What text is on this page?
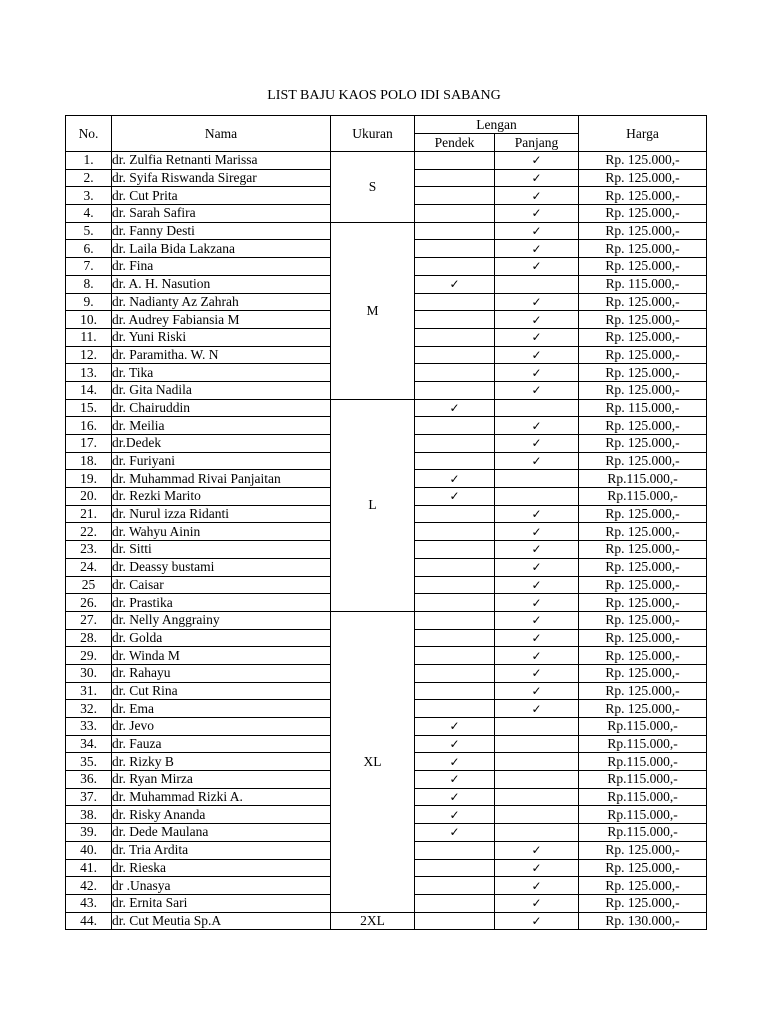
LIST BAJU KAOS POLO IDI SABANG
No.	Nama	Ukuran	Lengan		Harga
			Pendek	Panjang	
1.	dr. Zulfia Retnanti Marissa	S		✓	Rp. 125.000,-
2.	dr. Syifa Riswanda Siregar			✓	Rp. 125.000,-
3.	dr. Cut Prita			✓	Rp. 125.000,-
4.	dr. Sarah Safira			✓	Rp. 125.000,-
5.	dr. Fanny Desti	M		✓	Rp. 125.000,-
6.	dr. Laila Bida Lakzana			✓	Rp. 125.000,-
7.	dr. Fina			✓	Rp. 125.000,-
8.	dr. A. H. Nasution		✓		Rp. 115.000,-
9.	dr. Nadianty Az Zahrah			✓	Rp. 125.000,-
10.	dr. Audrey Fabiansia M			✓	Rp. 125.000,-
11.	dr. Yuni Riski			✓	Rp. 125.000,-
12.	dr. Paramitha. W. N			✓	Rp. 125.000,-
13.	dr. Tika			✓	Rp. 125.000,-
14.	dr. Gita Nadila			✓	Rp. 125.000,-
15.	dr. Chairuddin	L	✓		Rp. 115.000,-
16.	dr. Meilia			✓	Rp. 125.000,-
17.	dr.Dedek			✓	Rp. 125.000,-
18.	dr. Furiyani			✓	Rp. 125.000,-
19.	dr. Muhammad Rivai Panjaitan		✓		Rp.115.000,-
20.	dr. Rezki Marito		✓		Rp.115.000,-
21.	dr. Nurul izza Ridanti			✓	Rp. 125.000,-
22.	dr. Wahyu Ainin			✓	Rp. 125.000,-
23.	dr. Sitti			✓	Rp. 125.000,-
24.	dr. Deassy bustami			✓	Rp. 125.000,-
25	dr. Caisar			✓	Rp. 125.000,-
26.	dr. Prastika			✓	Rp. 125.000,-
27.	dr. Nelly Anggrainy	XL		✓	Rp. 125.000,-
28.	dr. Golda			✓	Rp. 125.000,-
29.	dr. Winda M			✓	Rp. 125.000,-
30.	dr. Rahayu			✓	Rp. 125.000,-
31.	dr. Cut Rina			✓	Rp. 125.000,-
32.	dr. Ema			✓	Rp. 125.000,-
33.	dr. Jevo		✓		Rp.115.000,-
34.	dr. Fauza		✓		Rp.115.000,-
35.	dr. Rizky B		✓		Rp.115.000,-
36.	dr. Ryan Mirza		✓		Rp.115.000,-
37.	dr. Muhammad Rizki A.		✓		Rp.115.000,-
38.	dr. Risky Ananda		✓		Rp.115.000,-
39.	dr. Dede Maulana		✓		Rp.115.000,-
40.	dr. Tria Ardita			✓	Rp. 125.000,-
41.	dr. Rieska			✓	Rp. 125.000,-
42.	dr .Unasya			✓	Rp. 125.000,-
43.	dr. Ernita Sari			✓	Rp. 125.000,-
44.	dr. Cut Meutia Sp.A	2XL		✓	Rp. 130.000,-
